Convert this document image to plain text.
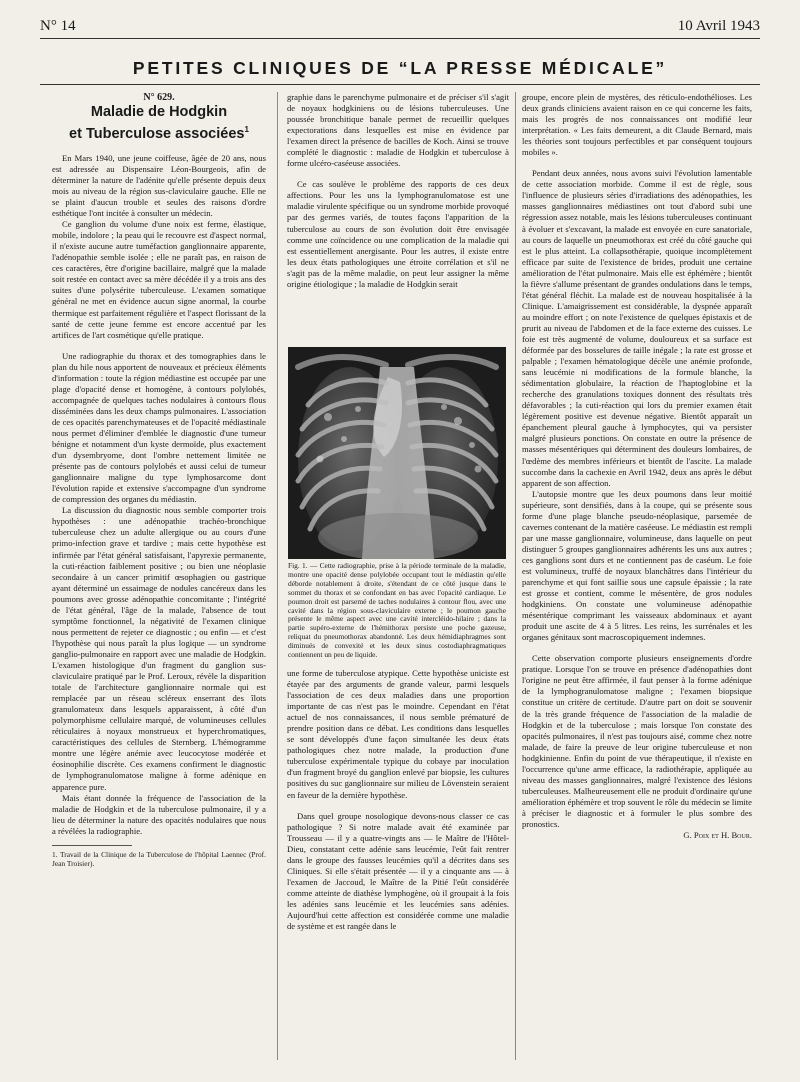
N° 14	10 Avril 1943
PETITES CLINIQUES DE “LA PRESSE MÉDICALE”

N° 629.

Maladie de Hodgkin
et Tuberculose associées$^1$

En Mars 1940, une jeune coiffeuse, âgée de 20 ans, nous est adressée au Dispensaire Léon-Bourgeois, afin de déterminer la nature de l'adénite qu'elle présente depuis deux mois au niveau de la région sus-claviculaire gauche. Elle ne se plaint d'aucun trouble et seules des raisons d'ordre esthétique l'ont incitée à consulter un médecin.

Ce ganglion du volume d'une noix est ferme, élastique, mobile, indolore ; la peau qui le recouvre est d'aspect normal, il n'existe aucune autre tuméfaction ganglionnaire apparente, l'adénopathie semble isolée ; elle ne paraît pas, en raison de ces caractères, être d'origine bacillaire, malgré que la malade soit restée en contact avec sa mère décédée il y a trois ans des suites d'une polysérite tuberculeuse. L'examen somatique général ne met en évidence aucun signe anormal, la courbe thermique est parfaitement régulière et l'aspect florissant de la santé de cette jeune femme est encore accentué par les artifices de l'art cosmétique qu'elle pratique.

Une radiographie du thorax et des tomographies dans le plan du hile nous apportent de nouveaux et précieux éléments d'information : toute la région médiastine est occupée par une plage d'opacité dense et homogène, à contours polylobés, accompagnée de quelques taches nodulaires à contours flous disséminées dans les deux champs pulmonaires. L'association de ces opacités parenchymateuses et de l'opacité médiastinale nous permet d'éliminer d'emblée le diagnostic d'une tumeur bénigne et notamment d'un kyste dermoïde, plus exactement d'un dysembryome, dont l'ombre nettement limitée ne présente pas de contours polylobés et aussi celui de tumeur ganglionnaire maligne du type lymphosarcome dont l'évolution rapide et extensive s'accompagne d'un syndrome de compression des organes du médiastin.

La discussion du diagnostic nous semble comporter trois hypothèses : une adénopathie trachéo-bronchique tuberculeuse chez un adulte allergique ou au cours d'une primo-infection grave et tardive ; mais cette hypothèse est infirmée par l'état général satisfaisant, l'apyrexie permanente, la cuti-réaction faiblement positive ; ou bien une néoplasie secondaire à un cancer primitif œsophagien ou gastrique ayant déterminé un essaimage de nodules cancéreux dans les poumons avec grosse adénopathie concomitante ; l'intégrité de l'état général, l'âge de la malade, l'absence de tout symptôme fonctionnel, la négativité de l'examen clinique nous permettent de rejeter ce diagnostic ; ou enfin — et c'est l'hypothèse qui nous paraît la plus logique — un syndrome ganglio-pulmonaire en rapport avec une maladie de Hodgkin. L'examen histologique d'un fragment du ganglion sus-claviculaire pratiqué par le Prof. Leroux, révèle la disparition totale de l'architecture ganglionnaire normale qui est remplacée par un réseau scléreux enserrant des îlots granulomateux dans lesquels apparaissent, à côté d'un polymorphisme cellulaire marqué, de volumineuses cellules réticulaires à noyaux monstrueux et hyperchromatiques, caractéristiques des cellules de Sternberg. L'hémogramme montre une légère anémie avec leucocytose modérée et éosinophilie discrète. Ces examens confirment le diagnostic de lymphogranulomatose maligne à forme adénique en apparence pure.

Mais étant donnée la fréquence de l'association de la maladie de Hodgkin et de la tuberculose pulmonaire, il y a lieu de déterminer la nature des opacités nodulaires que nous a révélées la radiographie.

1. Travail de la Clinique de la Tuberculose de l'hôpital Laennec (Prof. Jean Troisier).

graphie dans le parenchyme pulmonaire et de préciser s'il s'agit de noyaux hodgkiniens ou de lésions tuberculeuses. Une poussée bronchitique banale permet de recueillir quelques expectorations dans lesquelles est mise en évidence par l'examen direct la présence de bacilles de Koch. Ainsi se trouve complété le diagnostic : maladie de Hodgkin et tuberculose à forme ulcéro-caséeuse associées.

Ce cas soulève le problème des rapports de ces deux affections. Pour les uns la lymphogranulomatose est une maladie virulente spécifique ou un syndrome morbide provoqué par des germes variés, de toutes façons l'apparition de la tuberculose au cours de son évolution doit être envisagée comme une coïncidence ou une complication de la maladie qui est essentiellement anergisante. Pour les autres, il existe entre les deux états pathologiques une étroite corrélation et s'il ne s'agit pas de la même maladie, on peut leur assigner la même origine étiologique ; la maladie de Hodgkin serait

Fig. 1. — Cette radiographie, prise à la période terminale de la maladie, montre une opacité dense polylobée occupant tout le médiastin qu'elle déborde notablement à droite, s'étendant de ce côté jusque dans le sommet du thorax et se confondant en bas avec l'opacité cardiaque. Le poumon droit est parsemé de taches nodulaires à contour flou, avec une cavité dans la région sous-claviculaire externe ; le poumon gauche présente le même aspect avec une cavité intercléido-hilaire ; dans la partie supéro-externe de l'hémithorax persiste une poche gazeuse, reliquat du pneumothorax abandonné. Les deux hémidiaphragmes sont diminués de convexité et les deux sinus costodiaphragmatiques contiennent un peu de liquide.

une forme de tuberculose atypique. Cette hypothèse uniciste est étayée par des arguments de grande valeur, parmi lesquels l'association de ces deux maladies dans une proportion importante de cas n'est pas le moindre. Cependant en l'état actuel de nos connaissances, il nous semble prématuré de prendre position dans ce débat. Les conditions dans lesquelles se sont développés d'une façon simultanée les deux états pathologiques chez notre malade, la production d'une tuberculose expérimentale typique du cobaye par inoculation d'un fragment broyé du ganglion enlevé par biopsie, les cultures positives du suc ganglionnaire sur milieu de Lövenstein seraient en faveur de la dernière hypothèse.

Dans quel groupe nosologique devons-nous classer ce cas pathologique ? Si notre malade avait été examinée par Trousseau — il y a quatre-vingts ans — le Maître de l'Hôtel-Dieu, constatant cette adénie sans leucémie, l'eût fait rentrer dans le groupe des fausses leucémies qu'il a décrites dans ses Cliniques. Si elle s'était présentée — il y a cinquante ans — à l'examen de Jaccoud, le Maître de la Pitié l'eût considérée comme atteinte de diathèse lymphogène, où il groupait à la fois les adénies sans leucémie et les leucémies sans adénies. Aujourd'hui cette affection est considérée comme une maladie de système et est rangée dans le

groupe, encore plein de mystères, des réticulo-endothélioses. Les deux grands cliniciens avaient raison en ce qui concerne les faits, mais les progrès de nos connaissances ont modifié leur interprétation. « Les faits demeurent, a dit Claude Bernard, mais les théories sont toujours perfectibles et par conséquent toujours mobiles ».

Pendant deux années, nous avons suivi l'évolution lamentable de cette association morbide. Comme il est de règle, sous l'influence de plusieurs séries d'irradiations des adénopathies, les masses ganglionnaires médiastines ont tout d'abord subi une régression assez notable, mais les lésions tuberculeuses continuant à évoluer et s'excavant, la malade est envoyée en cure sanatoriale, au cours de laquelle un pneumothorax est créé du côté gauche qui est le plus atteint. La collapsothérapie, quoique incomplètement efficace par suite de l'existence de brides, produit une certaine amélioration de l'état pulmonaire. Mais elle est éphémère ; bientôt la fièvre s'allume présentant de grandes ondulations dans le temps, l'état général fléchit. La malade est de nouveau hospitalisée à la Clinique. L'amaigrissement est considérable, la dyspnée apparaît au moindre effort ; on note l'existence de quelques épistaxis et de prurit au niveau de l'abdomen et de la face externe des cuisses. Le foie est très augmenté de volume, douloureux et sa surface est déformée par des bosselures de taille inégale ; la rate est grosse et palpable ; l'examen hématologique décèle une anémie profonde, sans leucémie ni modifications de la formule blanche, la sédimentation globulaire, la réaction de l'haptoglobine et la recherche des granulations toxiques donnent des résultats très défavorables ; la cuti-réaction qui lors du premier examen était légèrement positive est devenue négative. Bientôt apparaît un épanchement pleural gauche à lymphocytes, qui va persister malgré plusieurs ponctions. On constate en outre la présence de masses mésentériques qui déterminent des douleurs lombaires, de l'œdème des membres inférieurs et bientôt de l'ascite. La malade succombe dans la cachexie en Avril 1942, deux ans après le début apparent de son affection.

L'autopsie montre que les deux poumons dans leur moitié supérieure, sont densifiés, dans à la coupe, qui se présente sous forme d'une plage blanche pseudo-néoplasique, parsemée de cavernes contenant de la matière caséeuse. Le médiastin est rempli par une masse ganglionnaire, volumineuse, dans laquelle on peut distinguer 5 groupes ganglionnaires adhérents les uns aux autres ; ces ganglions sont durs et ne contiennent pas de caséum. Le foie est volumineux, truffé de noyaux blanchâtres dans l'intérieur du parenchyme et qui font saillie sous une capsule épaissie ; la rate est grosse et contient, comme le mésentère, de gros nodules hodgkiniens. On constate une volumineuse adénopathie mésentérique comprimant les vaisseaux abdominaux et ayant produit une ascite de 4 à 5 litres. Les reins, les surrénales et les organes génitaux sont macroscopiquement indemnes.

Cette observation comporte plusieurs enseignements d'ordre pratique. Lorsque l'on se trouve en présence d'adénopathies dont l'origine ne peut être affirmée, il faut penser à la forme adénique de la lymphogranulomatose maligne ; l'examen biopsique constitue un critère de certitude. D'autre part on doit se souvenir de la très grande fréquence de l'association de la maladie de Hodgkin et de la tuberculose ; mais lorsque l'on constate des opacités pulmonaires, il n'est pas toujours aisé, comme chez notre malade, de faire la preuve de leur origine tuberculeuse et non hodgkinienne. Enfin du point de vue thérapeutique, il n'existe en l'occurrence qu'une arme efficace, la radiothérapie, appliquée au niveau des masses ganglionnaires, malgré l'existence des lésions tuberculeuses. Malheureusement elle ne produit d'ordinaire qu'une amélioration éphémère et trop souvent le rôle du médecin se limite à préciser le diagnostic et à formuler le plus sombre des pronostics.

G. Poix et H. Bour.
